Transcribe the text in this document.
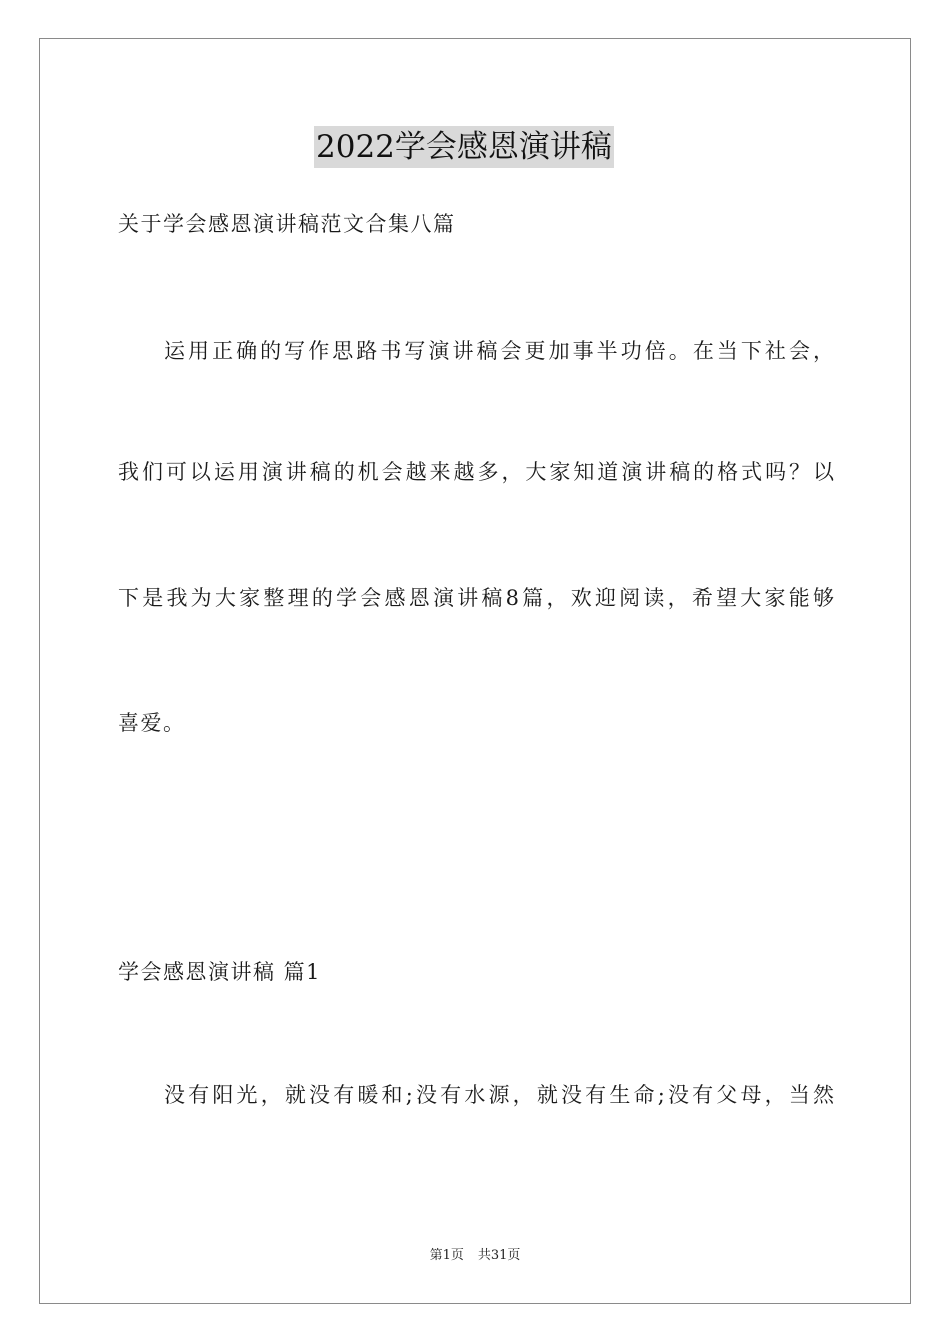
2022学会感恩演讲稿
关于学会感恩演讲稿范文合集八篇
运用正确的写作思路书写演讲稿会更加事半功倍。在当下社会，
我们可以运用演讲稿的机会越来越多，大家知道演讲稿的格式吗？以
下是我为大家整理的学会感恩演讲稿8篇，欢迎阅读，希望大家能够
喜爱。
学会感恩演讲稿 篇1
没有阳光，就没有暖和;没有水源，就没有生命;没有父母，当然
第1页 共31页
